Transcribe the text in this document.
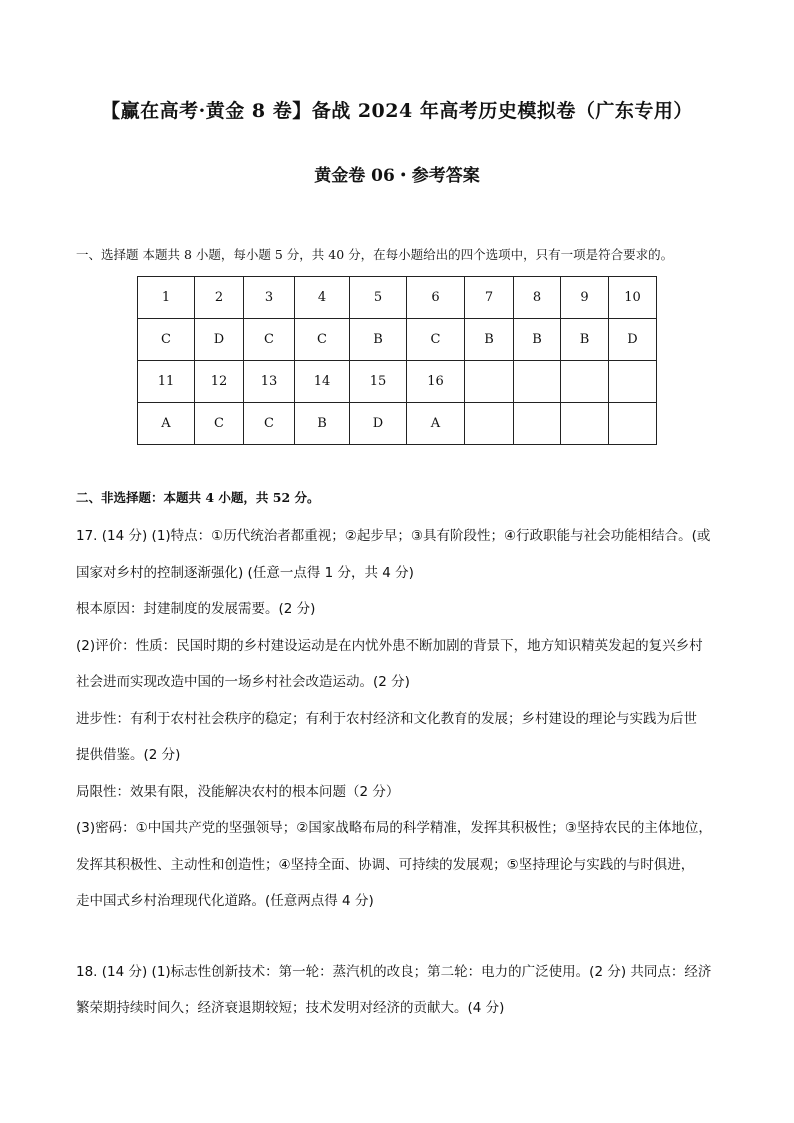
【赢在高考·黄金 8 卷】备战 2024 年高考历史模拟卷（广东专用）
黄金卷 06・参考答案
一、选择题 本题共 8 小题，每小题 5 分，共 40 分，在每小题给出的四个选项中，只有一项是符合要求的。
1	2	3	4	5	6	7	8	9	10
C	D	C	C	B	C	B	B	B	D
11	12	13	14	15	16				
A	C	C	B	D	A				
二、非选择题：本题共 4 小题，共 52 分。

17. (14 分) (1)特点：①历代统治者都重视；②起步早；③具有阶段性；④行政职能与社会功能相结合。(或

国家对乡村的控制逐渐强化) (任意一点得 1 分，共 4 分)

根本原因：封建制度的发展需要。(2 分)

(2)评价：性质：民国时期的乡村建设运动是在内忧外患不断加剧的背景下，地方知识精英发起的复兴乡村

社会进而实现改造中国的一场乡村社会改造运动。(2 分)

进步性：有利于农村社会秩序的稳定；有利于农村经济和文化教育的发展；乡村建设的理论与实践为后世

提供借鉴。(2 分)

局限性：效果有限，没能解决农村的根本问题（2 分）

(3)密码：①中国共产党的坚强领导；②国家战略布局的科学精准，发挥其积极性；③坚持农民的主体地位，

发挥其积极性、主动性和创造性；④坚持全面、协调、可持续的发展观；⑤坚持理论与实践的与时俱进，

走中国式乡村治理现代化道路。(任意两点得 4 分)

18. (14 分) (1)标志性创新技术：第一轮：蒸汽机的改良；第二轮：电力的广泛使用。(2 分) 共同点：经济

繁荣期持续时间久；经济衰退期较短；技术发明对经济的贡献大。(4 分)
